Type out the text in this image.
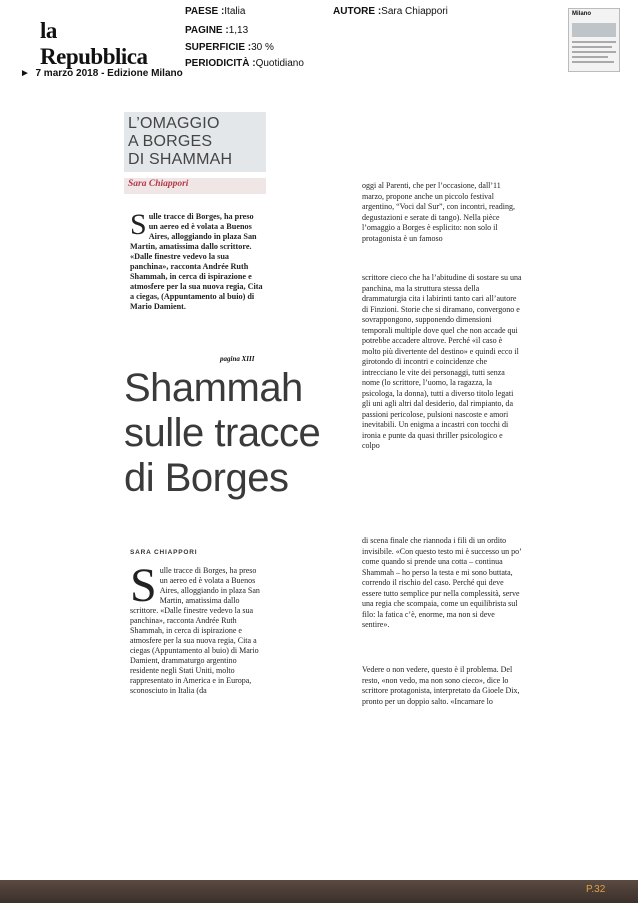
la Repubblica
PAESE :Italia
PAGINE :1,13
SUPERFICIE :30 %
PERIODICITÀ :Quotidiano
AUTORE :Sara Chiappori
► 7 marzo 2018 - Edizione Milano
Milano
L’OMAGGIO
A BORGES
DI SHAMMAH
Sara Chiappori
Sulle tracce di Borges, ha preso un aereo ed è volata a Buenos Aires, alloggiando in plaza San Martin, amatissima dallo scrittore. «Dalle finestre vedevo la sua panchina», racconta Andrée Ruth Shammah, in cerca di ispirazione e atmosfere per la sua nuova regia, Cita a ciegas, (Appuntamento al buio) di Mario Damient.
pagina XIII
Shammah
sulle tracce
di Borges
SARA CHIAPPORI
Sulle tracce di Borges, ha preso un aereo ed è volata a Buenos Aires, alloggiando in plaza San Martin, amatissima dallo scrittore. «Dalle finestre vedevo la sua panchina», racconta Andrée Ruth Shammah, in cerca di ispirazione e atmosfere per la sua nuova regia, Cita a ciegas (Appuntamento al buio) di Mario Damient, drammaturgo argentino residente negli Stati Uniti, molto rappresentato in America e in Europa, sconosciuto in Italia (da
oggi al Parenti, che per l’occasione, dall’11 marzo, propone anche un piccolo festival argentino, “Voci dal Sur”, con incontri, reading, degustazioni e serate di tango). Nella pièce l’omaggio a Borges è esplicito: non solo il protagonista è un famoso
scrittore cieco che ha l’abitudine di sostare su una panchina, ma la struttura stessa della drammaturgia cita i labirinti tanto cari all’autore di Finzioni. Storie che si diramano, convergono e sovrappongono, supponendo dimensioni temporali multiple dove quel che non accade qui potrebbe accadere altrove. Perché «il caso è molto più divertente del destino» e quindi ecco il girotondo di incontri e coincidenze che intrecciano le vite dei personaggi, tutti senza nome (lo scrittore, l’uomo, la ragazza, la psicologa, la donna), tutti a diverso titolo legati gli uni agli altri dal desiderio, dal rimpianto, da passioni pericolose, pulsioni nascoste e amori inevitabili. Un enigma a incastri con tocchi di ironia e punte da quasi thriller psicologico e colpo
di scena finale che riannoda i fili di un ordito invisibile. «Con questo testo mi è successo un po’ come quando si prende una cotta – continua Shammah – ho perso la testa e mi sono buttata, correndo il rischio del caso. Perché qui deve essere tutto semplice pur nella complessità, serve una regia che scompaia, come un equilibrista sul filo: la fatica c’è, enorme, ma non si deve sentire».
Vedere o non vedere, questo è il problema. Del resto, «non vedo, ma non sono cieco», dice lo scrittore protagonista, interpretato da Gioele Dix, pronto per un doppio salto. «Incarnare lo
P.32
